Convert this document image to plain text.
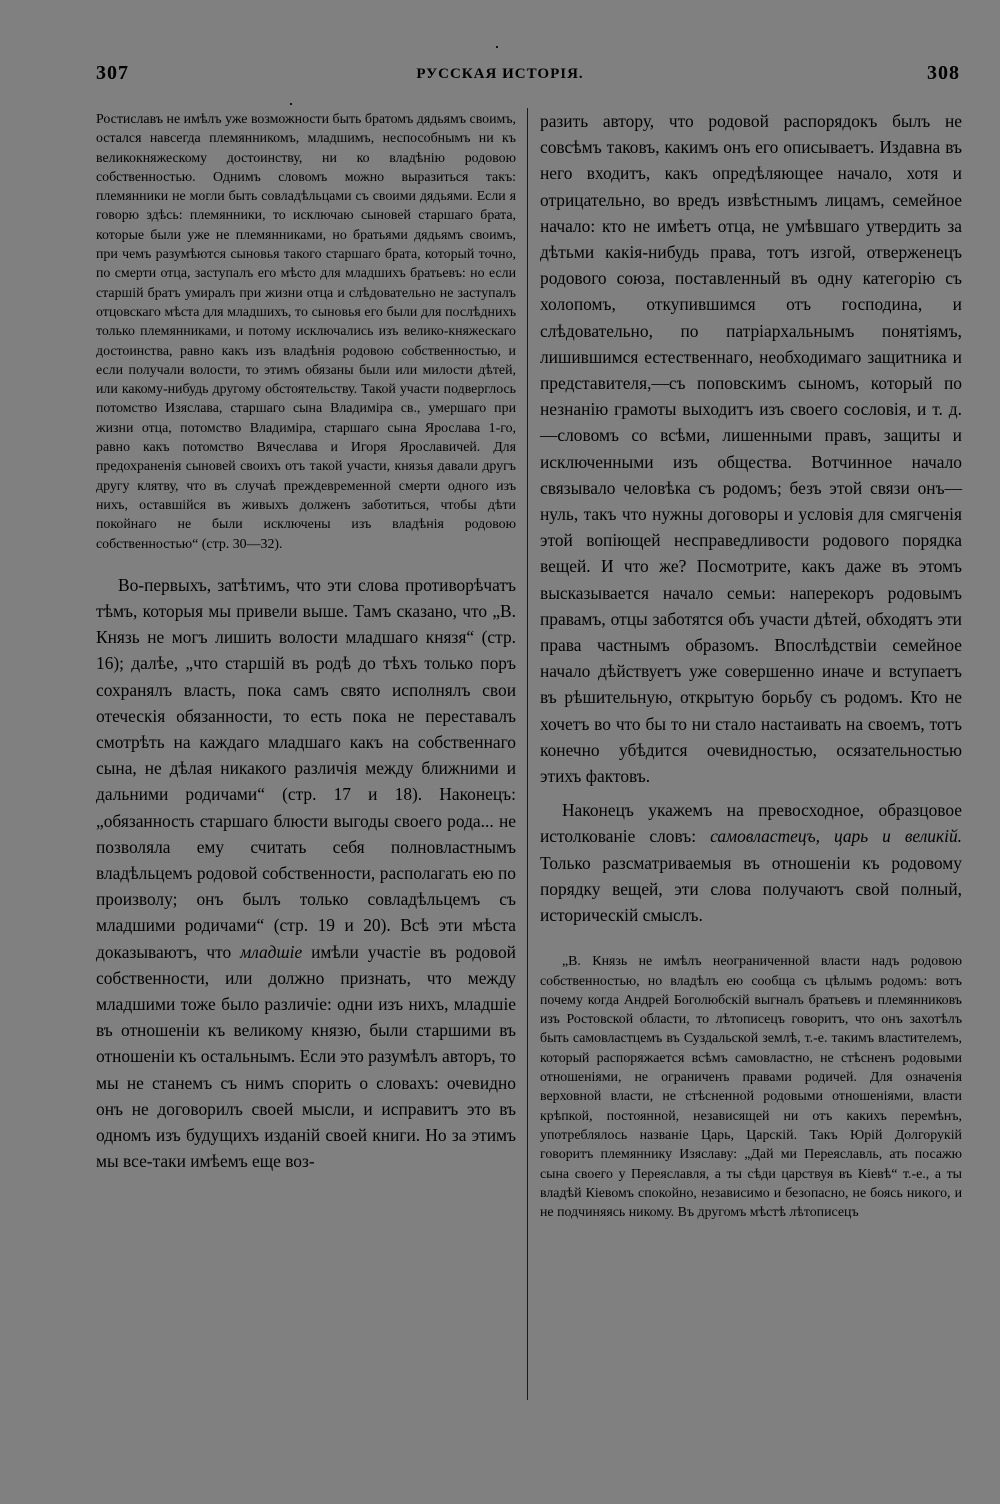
307	РУССКАЯ ИСТОРІЯ.	308

Ростиславъ не имѣлъ уже возможности быть братомъ дядьямъ своимъ, остался навсегда племянникомъ, младшимъ, неспособнымъ ни къ великокняжескому достоинству, ни ко владѣнію родовою собственностью. Однимъ словомъ можно выразиться такъ: племянники не могли быть совладѣльцами съ своими дядьями. Если я говорю здѣсь: племянники, то исключаю сыновей старшаго брата, которые были уже не племянниками, но братьями дядьямъ своимъ, при чемъ разумѣются сыновья такого старшаго брата, который точно, по смерти отца, заступалъ его мѣсто для младшихъ братьевъ: но если старшій братъ умиралъ при жизни отца и слѣдовательно не заступалъ отцовскаго мѣста для младшихъ, то сыновья его были для послѣднихъ только племянниками, и потому исключались изъ велико-княжескаго достоинства, равно какъ изъ владѣнія родовою собственностью, и если получали волости, то этимъ обязаны были или милости дѣтей, или какому-нибудь другому обстоятельству. Такой участи подверглось потомство Изяслава, старшаго сына Владиміра св., умершаго при жизни отца, потомство Владиміра, старшаго сына Ярослава 1-го, равно какъ потомство Вячеслава и Игоря Ярославичей. Для предохраненія сыновей своихъ отъ такой участи, князья давали другъ другу клятву, что въ случаѣ преждевременной смерти одного изъ нихъ, оставшійся въ живыхъ долженъ заботиться, чтобы дѣти покойнаго не были исключены изъ владѣнія родовою собственностью“ (стр. 30—32).

Во-первыхъ, затѣтимъ, что эти слова противорѣчатъ тѣмъ, которыя мы привели выше. Тамъ сказано, что „В. Князь не могъ лишить волости младшаго князя“ (стр. 16); далѣе, „что старшій въ родѣ до тѣхъ только поръ сохранялъ власть, пока самъ свято исполнялъ свои отеческія обязанности, то есть пока не переставалъ смотрѣть на каждаго младшаго какъ на собственнаго сына, не дѣлая никакого различія между ближними и дальними родичами“ (стр. 17 и 18). Наконецъ: „обязанность старшаго блюсти выгоды своего рода... не позволяла ему считать себя полновластнымъ владѣльцемъ родовой собственности, располагать ею по произволу; онъ былъ только совладѣльцемъ съ младшими родичами“ (стр. 19 и 20). Всѣ эти мѣста доказываютъ, что младшіе имѣли участіе въ родовой собственности, или должно признать, что между младшими тоже было различіе: одни изъ нихъ, младшіе въ отношеніи къ великому князю, были старшими въ отношеніи къ остальнымъ. Если это разумѣлъ авторъ, то мы не станемъ съ нимъ спорить о словахъ: очевидно онъ не договорилъ своей мысли, и исправитъ это въ одномъ изъ будущихъ изданій своей книги. Но за этимъ мы все-таки имѣемъ еще воз-

разить автору, что родовой распорядокъ былъ не совсѣмъ таковъ, какимъ онъ его описываетъ. Издавна въ него входитъ, какъ опредѣляющее начало, хотя и отрицательно, во вредъ извѣстнымъ лицамъ, семейное начало: кто не имѣетъ отца, не умѣвшаго утвердить за дѣтьми какія-нибудь права, тотъ изгой, отверженецъ родового союза, поставленный въ одну категорію съ холопомъ, откупившимся отъ господина, и слѣдовательно, по патріархальнымъ понятіямъ, лишившимся естественнаго, необходимаго защитника и представителя,—съ поповскимъ сыномъ, который по незнанію грамоты выходитъ изъ своего сословія, и т. д.—словомъ со всѣми, лишенными правъ, защиты и исключенными изъ общества. Вотчинное начало связывало человѣка съ родомъ; безъ этой связи онъ—нуль, такъ что нужны договоры и условія для смягченія этой вопіющей несправедливости родового порядка вещей. И что же? Посмотрите, какъ даже въ этомъ высказывается начало семьи: наперекоръ родовымъ правамъ, отцы заботятся объ участи дѣтей, обходятъ эти права частнымъ образомъ. Впослѣдствіи семейное начало дѣйствуетъ уже совершенно иначе и вступаетъ въ рѣшительную, открытую борьбу съ родомъ. Кто не хочетъ во что бы то ни стало настаивать на своемъ, тотъ конечно убѣдится очевидностью, осязательностью этихъ фактовъ.

Наконецъ укажемъ на превосходное, образцовое истолкованіе словъ: самовластецъ, царь и великій. Только разсматриваемыя въ отношеніи къ родовому порядку вещей, эти слова получаютъ свой полный, историческій смыслъ.

„В. Князь не имѣлъ неограниченной власти надъ родовою собственностью, но владѣлъ ею сообща съ цѣлымъ родомъ: вотъ почему когда Андрей Боголюбскій выгналъ братьевъ и племянниковъ изъ Ростовской области, то лѣтописецъ говоритъ, что онъ захотѣлъ быть самовластцемъ въ Суздальской землѣ, т.-е. такимъ властителемъ, который распоряжается всѣмъ самовластно, не стѣсненъ родовыми отношеніями, не ограниченъ правами родичей. Для означенія верховной власти, не стѣсненной родовыми отношеніями, власти крѣпкой, постоянной, независящей ни отъ какихъ перемѣнъ, употреблялось названіе Царь, Царскій. Такъ Юрій Долгорукій говоритъ племяннику Изяславу: „Дай ми Переяславль, ать посажю сына своего у Переяславля, а ты сѣди царствуя въ Кіевѣ“ т.-е., а ты владѣй Кіевомъ спокойно, независимо и безопасно, не боясь никого, и не подчиняясь никому. Въ другомъ мѣстѣ лѣтописецъ
